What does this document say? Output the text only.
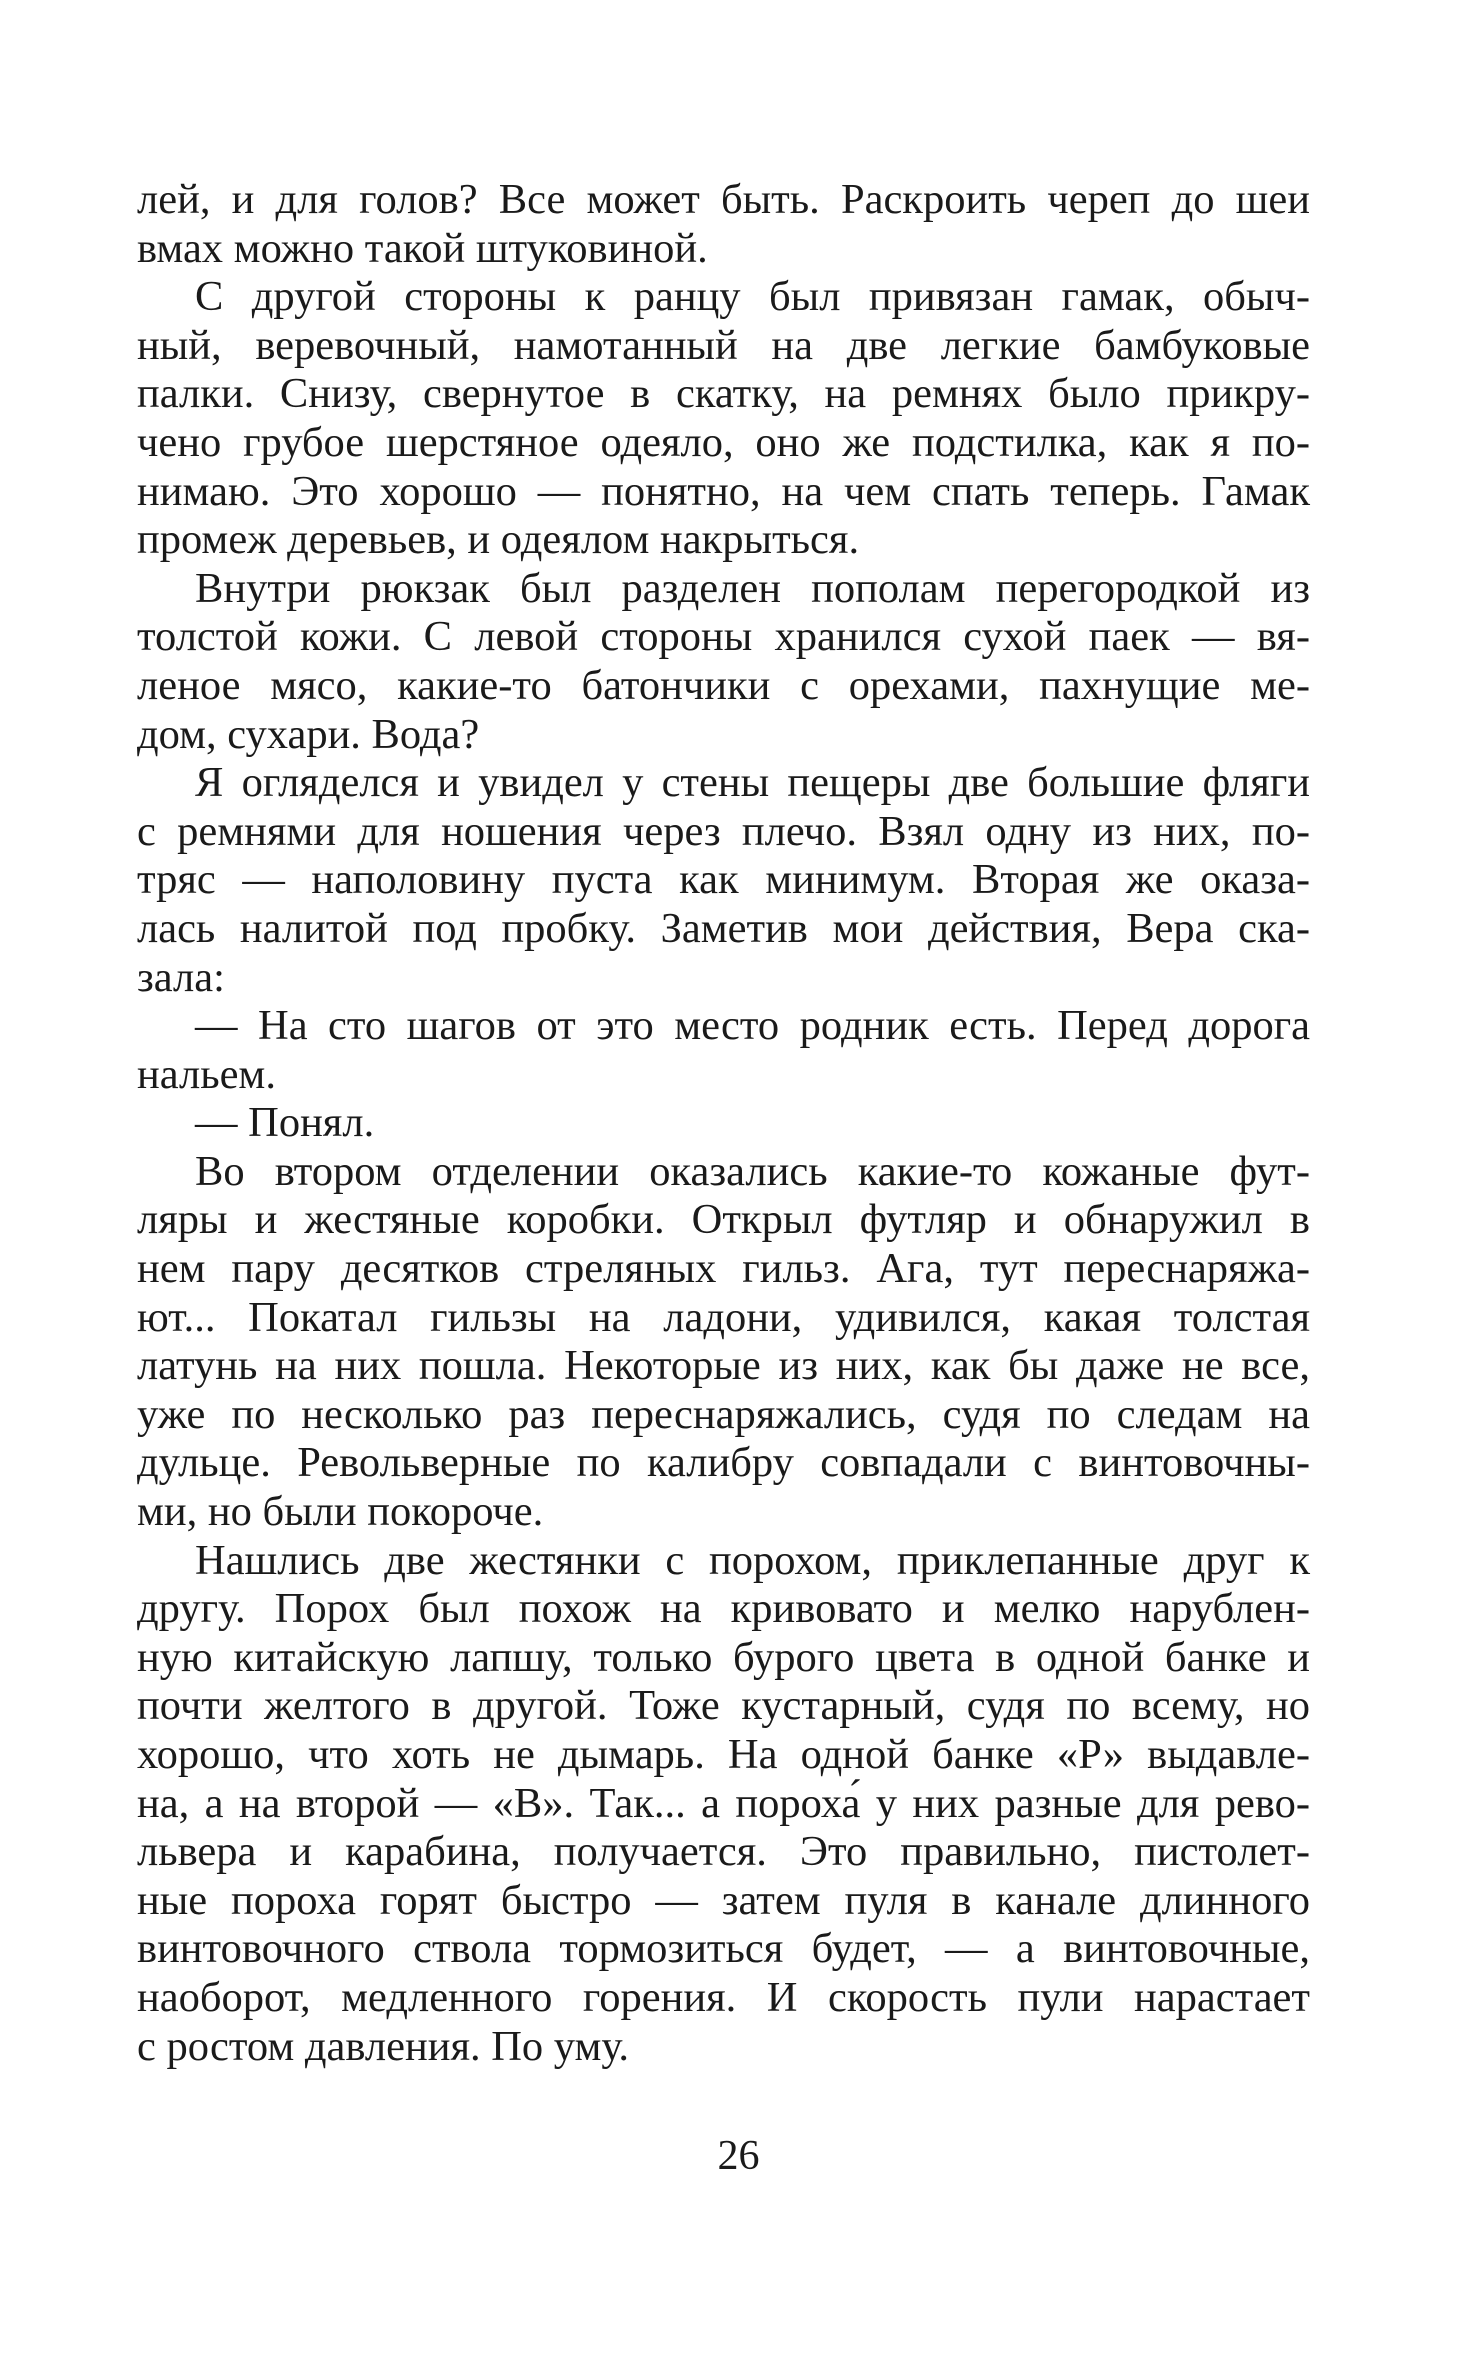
лей, и для голов? Все может быть. Раскроить череп до шеи
вмах можно такой штуковиной.
С другой стороны к ранцу был привязан гамак, обыч-
ный, веревочный, намотанный на две легкие бамбуковые
палки. Снизу, свернутое в скатку, на ремнях было прикру-
чено грубое шерстяное одеяло, оно же подстилка, как я по-
нимаю. Это хорошо — понятно, на чем спать теперь. Гамак
промеж деревьев, и одеялом накрыться.
Внутри рюкзак был разделен пополам перегородкой из
толстой кожи. С левой стороны хранился сухой паек — вя-
леное мясо, какие-то батончики с орехами, пахнущие ме-
дом, сухари. Вода?
Я огляделся и увидел у стены пещеры две большие фляги
с ремнями для ношения через плечо. Взял одну из них, по-
тряс — наполовину пуста как минимум. Вторая же оказа-
лась налитой под пробку. Заметив мои действия, Вера ска-
зала:
— На сто шагов от это место родник есть. Перед дорога
нальем.
— Понял.
Во втором отделении оказались какие-то кожаные фут-
ляры и жестяные коробки. Открыл футляр и обнаружил в
нем пару десятков стреляных гильз. Ага, тут переснаряжа-
ют... Покатал гильзы на ладони, удивился, какая толстая
латунь на них пошла. Некоторые из них, как бы даже не все,
уже по несколько раз переснаряжались, судя по следам на
дульце. Револьверные по калибру совпадали с винтовочны-
ми, но были покороче.
Нашлись две жестянки с порохом, приклепанные друг к
другу. Порох был похож на кривовато и мелко нарублен-
ную китайскую лапшу, только бурого цвета в одной банке и
почти желтого в другой. Тоже кустарный, судя по всему, но
хорошо, что хоть не дымарь. На одной банке «Р» выдавле-
на, а на второй — «В». Так... а пороха́ у них разные для рево-
львера и карабина, получается. Это правильно, пистолет-
ные пороха горят быстро — затем пуля в канале длинного
винтовочного ствола тормозиться будет, — а винтовочные,
наоборот, медленного горения. И скорость пули нарастает
с ростом давления. По уму.
26
